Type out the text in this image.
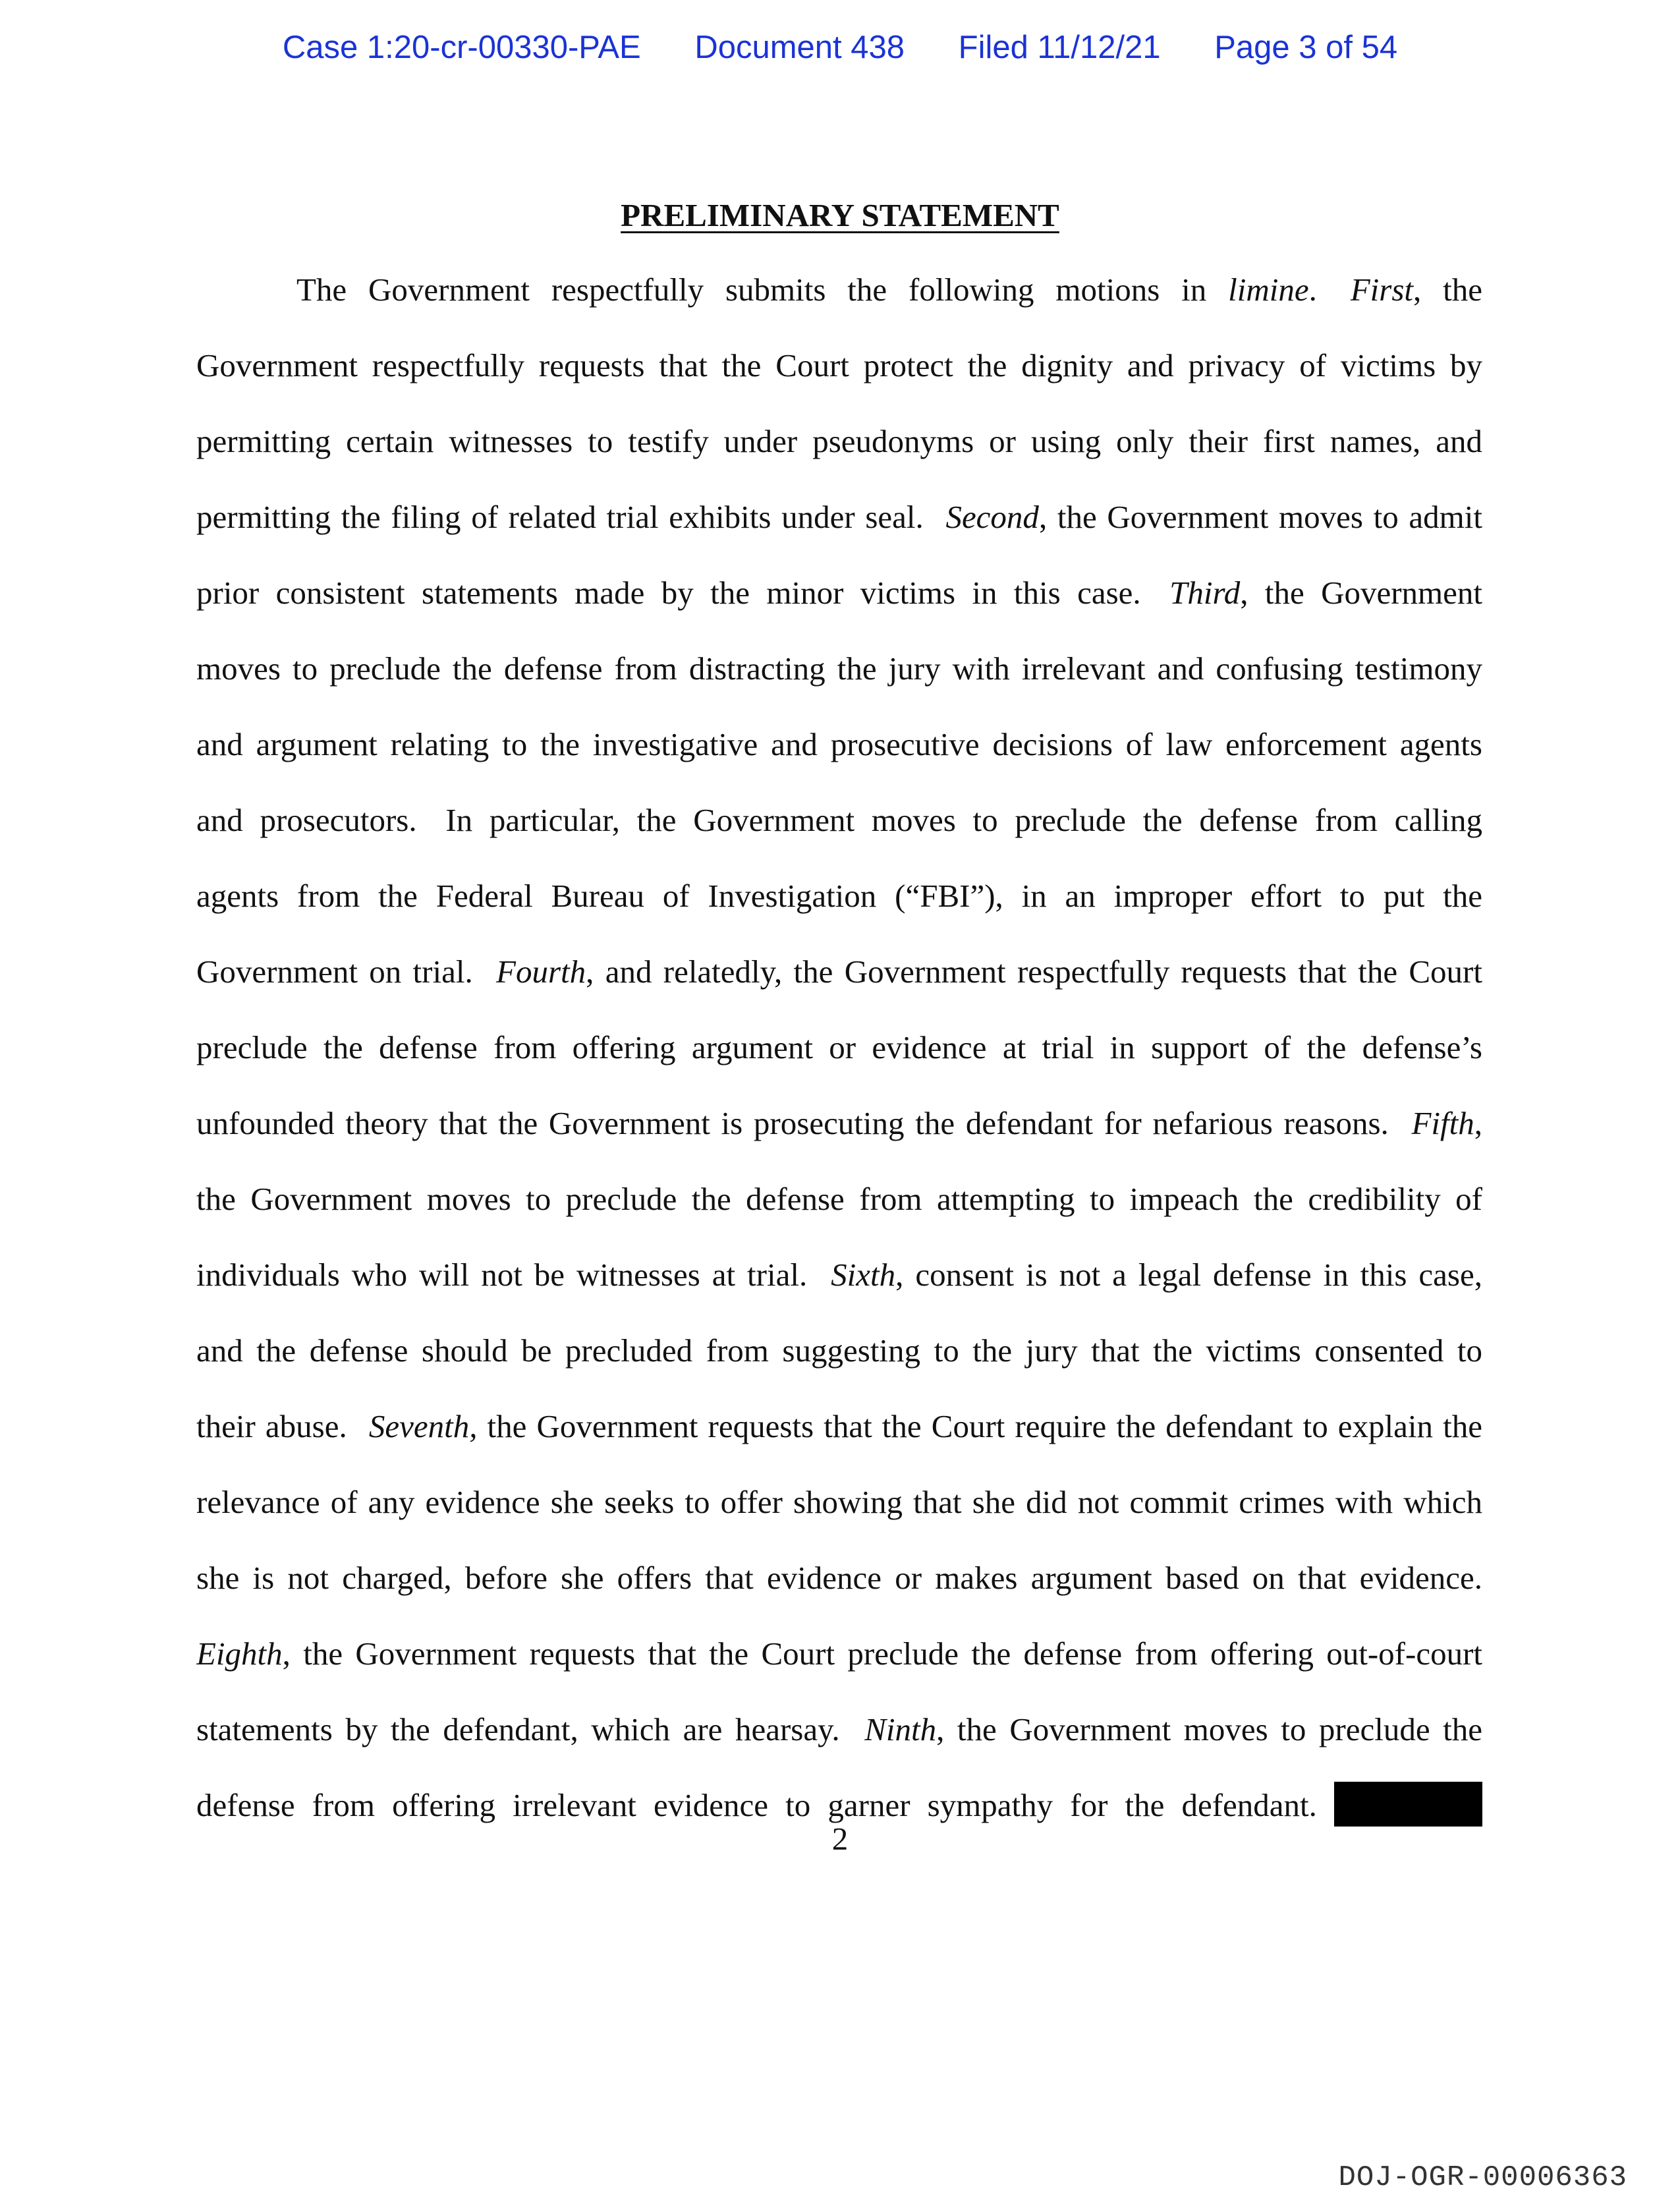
Case 1:20-cr-00330-PAE Document 438 Filed 11/12/21 Page 3 of 54
PRELIMINARY STATEMENT
The Government respectfully submits the following motions in limine. First, the
Government respectfully requests that the Court protect the dignity and privacy of victims by
permitting certain witnesses to testify under pseudonyms or using only their first names, and
permitting the filing of related trial exhibits under seal. Second, the Government moves to admit
prior consistent statements made by the minor victims in this case. Third, the Government
moves to preclude the defense from distracting the jury with irrelevant and confusing testimony
and argument relating to the investigative and prosecutive decisions of law enforcement agents
and prosecutors. In particular, the Government moves to preclude the defense from calling
agents from the Federal Bureau of Investigation (“FBI”), in an improper effort to put the
Government on trial. Fourth, and relatedly, the Government respectfully requests that the Court
preclude the defense from offering argument or evidence at trial in support of the defense’s
unfounded theory that the Government is prosecuting the defendant for nefarious reasons. Fifth,
the Government moves to preclude the defense from attempting to impeach the credibility of
individuals who will not be witnesses at trial. Sixth, consent is not a legal defense in this case,
and the defense should be precluded from suggesting to the jury that the victims consented to
their abuse. Seventh, the Government requests that the Court require the defendant to explain the
relevance of any evidence she seeks to offer showing that she did not commit crimes with which
she is not charged, before she offers that evidence or makes argument based on that evidence.
Eighth, the Government requests that the Court preclude the defense from offering out-of-court
statements by the defendant, which are hearsay. Ninth, the Government moves to preclude the
defense from offering irrelevant evidence to garner sympathy for the defendant.
2
DOJ-OGR-00006363
